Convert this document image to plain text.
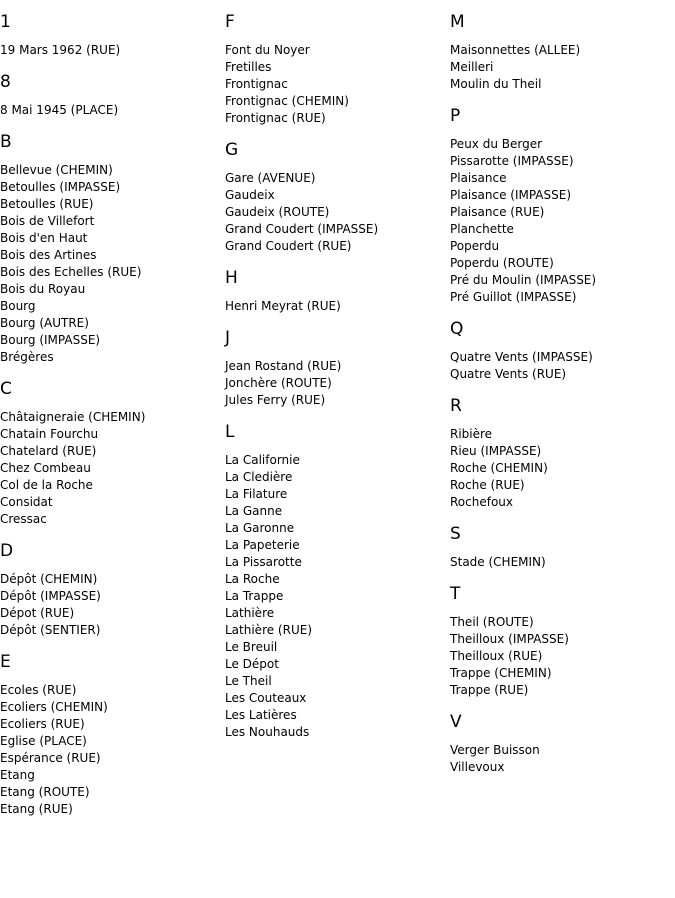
1
19 Mars 1962 (RUE)
8
8 Mai 1945 (PLACE)
B
Bellevue (CHEMIN)
Betoulles (IMPASSE)
Betoulles (RUE)
Bois de Villefort
Bois d'en Haut
Bois des Artines
Bois des Echelles (RUE)
Bois du Royau
Bourg
Bourg (AUTRE)
Bourg (IMPASSE)
Brégères
C
Châtaigneraie (CHEMIN)
Chatain Fourchu
Chatelard (RUE)
Chez Combeau
Col de la Roche
Considat
Cressac
D
Dépôt (CHEMIN)
Dépôt (IMPASSE)
Dépot (RUE)
Dépôt (SENTIER)
E
Ecoles (RUE)
Ecoliers (CHEMIN)
Ecoliers (RUE)
Eglise (PLACE)
Espérance (RUE)
Etang
Etang (ROUTE)
Etang (RUE)
F
Font du Noyer
Fretilles
Frontignac
Frontignac (CHEMIN)
Frontignac (RUE)
G
Gare (AVENUE)
Gaudeix
Gaudeix (ROUTE)
Grand Coudert (IMPASSE)
Grand Coudert (RUE)
H
Henri Meyrat (RUE)
J
Jean Rostand (RUE)
Jonchère (ROUTE)
Jules Ferry (RUE)
L
La Californie
La Cledière
La Filature
La Ganne
La Garonne
La Papeterie
La Pissarotte
La Roche
La Trappe
Lathière
Lathière (RUE)
Le Breuil
Le Dépot
Le Theil
Les Couteaux
Les Latières
Les Nouhauds
M
Maisonnettes (ALLEE)
Meilleri
Moulin du Theil
P
Peux du Berger
Pissarotte (IMPASSE)
Plaisance
Plaisance (IMPASSE)
Plaisance (RUE)
Planchette
Poperdu
Poperdu (ROUTE)
Pré du Moulin (IMPASSE)
Pré Guillot (IMPASSE)
Q
Quatre Vents (IMPASSE)
Quatre Vents (RUE)
R
Ribière
Rieu (IMPASSE)
Roche (CHEMIN)
Roche (RUE)
Rochefoux
S
Stade (CHEMIN)
T
Theil (ROUTE)
Theilloux (IMPASSE)
Theilloux (RUE)
Trappe (CHEMIN)
Trappe (RUE)
V
Verger Buisson
Villevoux
